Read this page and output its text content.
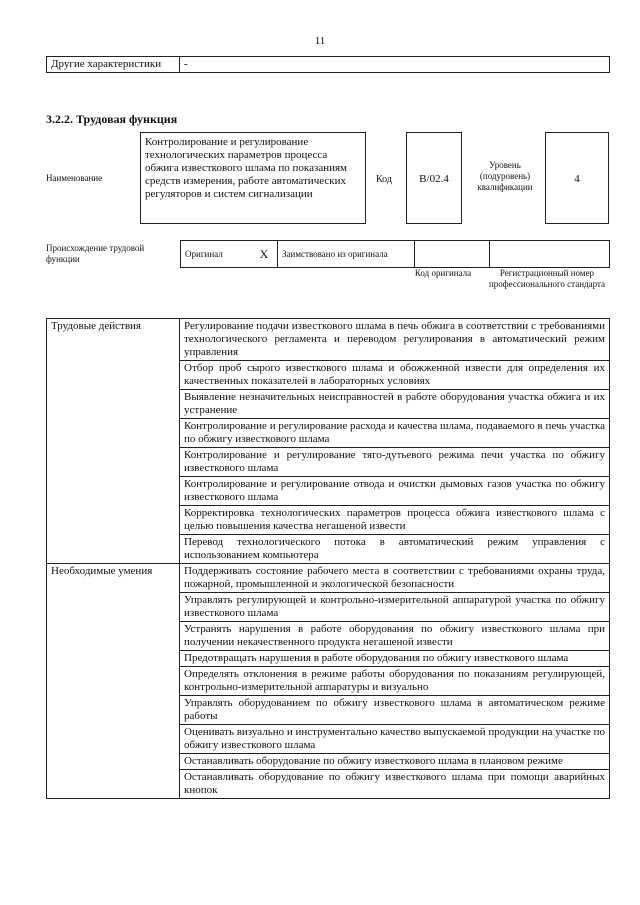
11
Другие характеристики	-
3.2.2. Трудовая функция
Наименование
Контролирование и регулирование технологических параметров процесса обжига известкового шлама по показаниям средств измерения, работе автоматических регуляторов и систем сигнализации
Код	B/02.4
Уровень (подуровень) квалификации
4
Происхождение трудовой функции
Оригинал	X	Заимствовано из оригинала		
Код оригинала	Регистрационный номер профессионального стандарта
Трудовые действия	Регулирование подачи известкового шлама в печь обжига в соответствии с требованиями технологического регламента и переводом регулирования в автоматический режим управления
	Отбор проб сырого известкового шлама и обожженной извести для определения их качественных показателей в лабораторных условиях
	Выявление незначительных неисправностей в работе оборудования участка обжига и их устранение
	Контролирование и регулирование расхода и качества шлама, подаваемого в печь участка по обжигу известкового шлама
	Контролирование и регулирование тяго-дутьевого режима печи участка по обжигу известкового шлама
	Контролирование и регулирование отвода и очистки дымовых газов участка по обжигу известкового шлама
	Корректировка технологических параметров процесса обжига известкового шлама с целью повышения качества негашеной извести
	Перевод технологического потока в автоматический режим управления с использованием компьютера
Необходимые умения	Поддерживать состояние рабочего места в соответствии с требованиями охраны труда, пожарной, промышленной и экологической безопасности
	Управлять регулирующей и контрольно-измерительной аппаратурой участка по обжигу известкового шлама
	Устранять нарушения в работе оборудования по обжигу известкового шлама при получении некачественного продукта негашеной извести
	Предотвращать нарушения в работе оборудования по обжигу известкового шлама
	Определять отклонения в режиме работы оборудования по показаниям регулирующей, контрольно-измерительной аппаратуры и визуально
	Управлять оборудованием по обжигу известкового шлама в автоматическом режиме работы
	Оценивать визуально и инструментально качество выпускаемой продукции на участке по обжигу известкового шлама
	Останавливать оборудование по обжигу известкового шлама в плановом режиме
	Останавливать оборудование по обжигу известкового шлама при помощи аварийных кнопок
